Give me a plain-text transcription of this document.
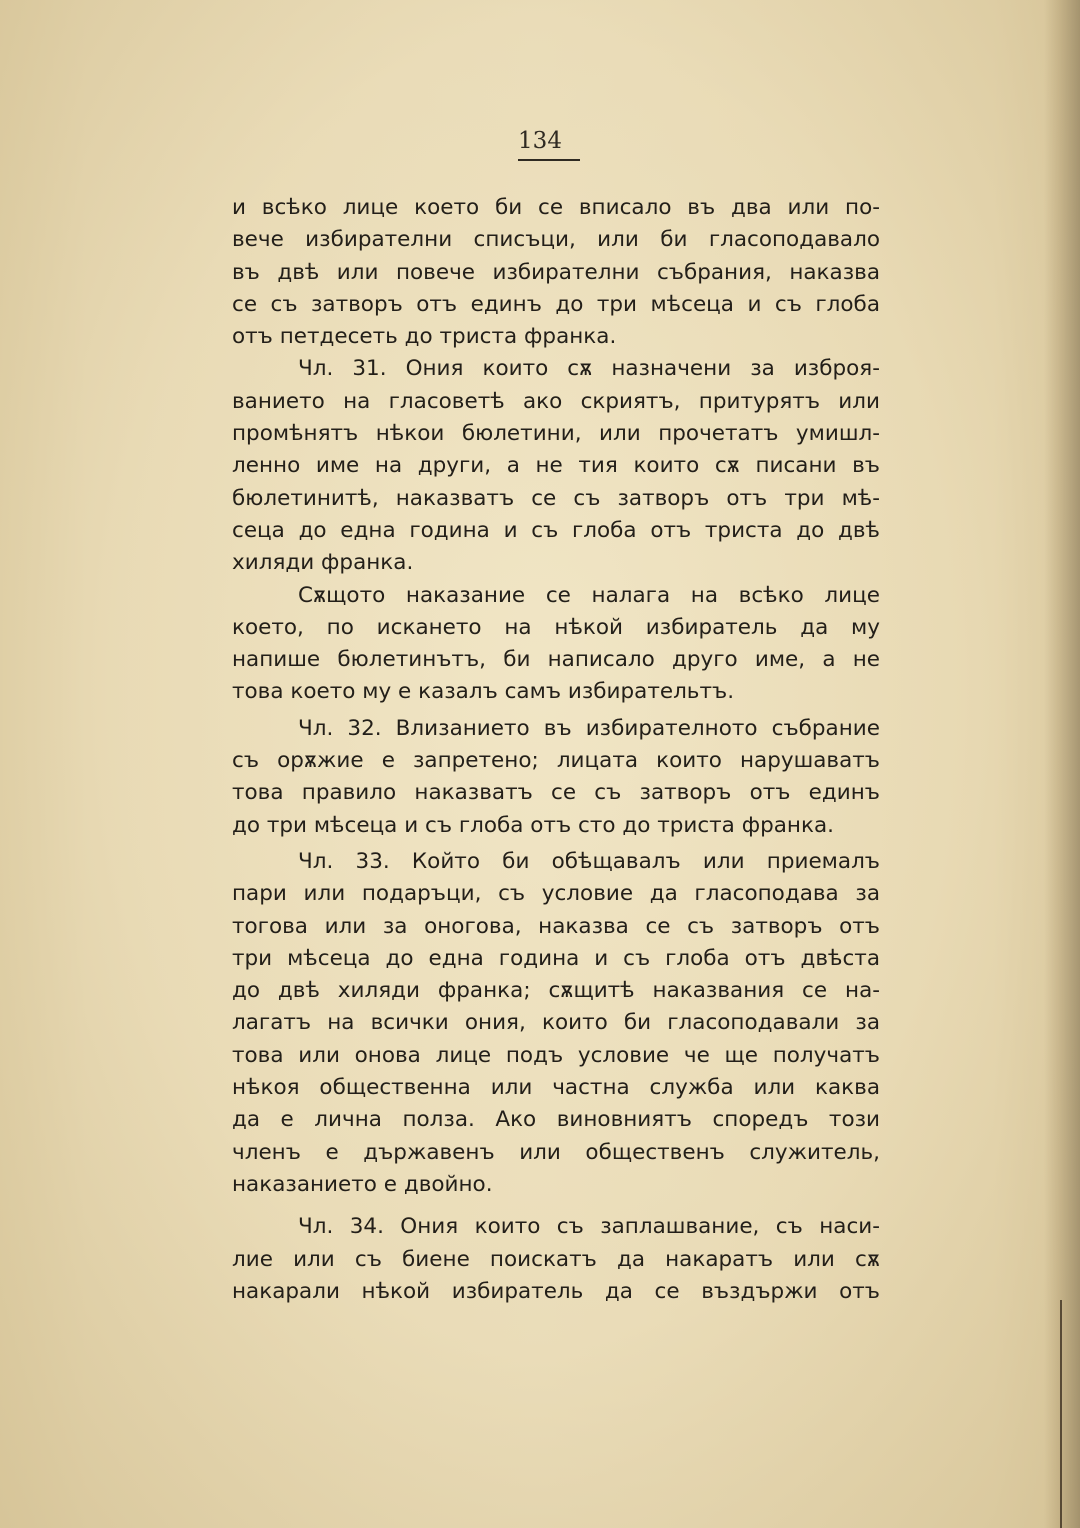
134
и всѣко лице което би се вписало въ два или по-
вече избирателни списъци, или би гласоподавало
въ двѣ или повече избирателни събрания, наказва
се съ затворъ отъ единъ до три мѣсеца и съ глоба
отъ петдесеть до триста франка.
Чл. 31. Ония които сѫ назначени за изброя-
ванието на гласоветѣ ако скриятъ, притурятъ или
промѣнятъ нѣкои бюлетини, или прочетатъ умишл-
ленно име на други, а не тия които сѫ писани въ
бюлетинитѣ, наказватъ се съ затворъ отъ три мѣ-
сеца до една година и съ глоба отъ триста до двѣ
хиляди франка.
Сѫщото наказание се налага на всѣко лице
което, по искането на нѣкой избиратель да му
напише бюлетинътъ, би написало друго име, а не
това което му е казалъ самъ избирательтъ.
Чл. 32. Влизанието въ избирателното събрание
съ орѫжие е запретено; лицата които нарушаватъ
това правило наказватъ се съ затворъ отъ единъ
до три мѣсеца и съ глоба отъ сто до триста франка.
Чл. 33. Който би обѣщавалъ или приемалъ
пари или подаръци, съ условие да гласоподава за
тогова или за оногова, наказва се съ затворъ отъ
три мѣсеца до една година и съ глоба отъ двѣста
до двѣ хиляди франка; сѫщитѣ наказвания се на-
лагатъ на всички ония, които би гласоподавали за
това или онова лице подъ условие че ще получатъ
нѣкоя общественна или частна служба или каква
да е лична полза. Ако виновниятъ споредъ този
членъ е държавенъ или общественъ служитель,
наказанието е двойно.
Чл. 34. Ония които съ заплашвание, съ наси-
лие или съ биене поискатъ да накаратъ или сѫ
накарали нѣкой избиратель да се въздържи отъ
